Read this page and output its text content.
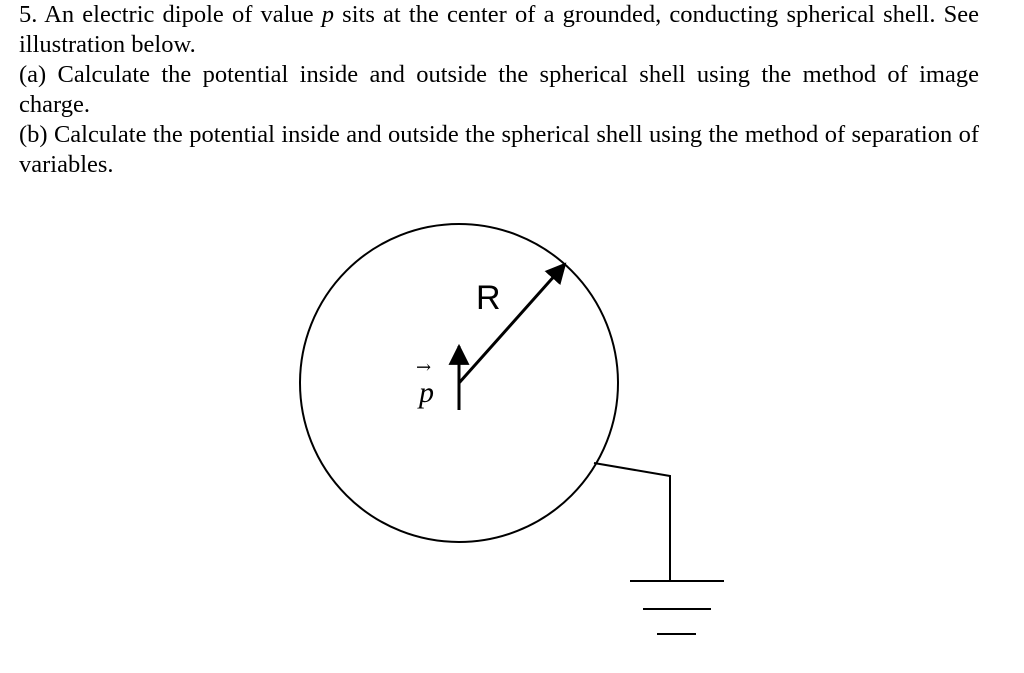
5. An electric dipole of value p sits at the center of a grounded, conducting spherical shell. See illustration below.

(a) Calculate the potential inside and outside the spherical shell using the method of image charge.

(b) Calculate the potential inside and outside the spherical shell using the method of separation of variables.

R
→
p
